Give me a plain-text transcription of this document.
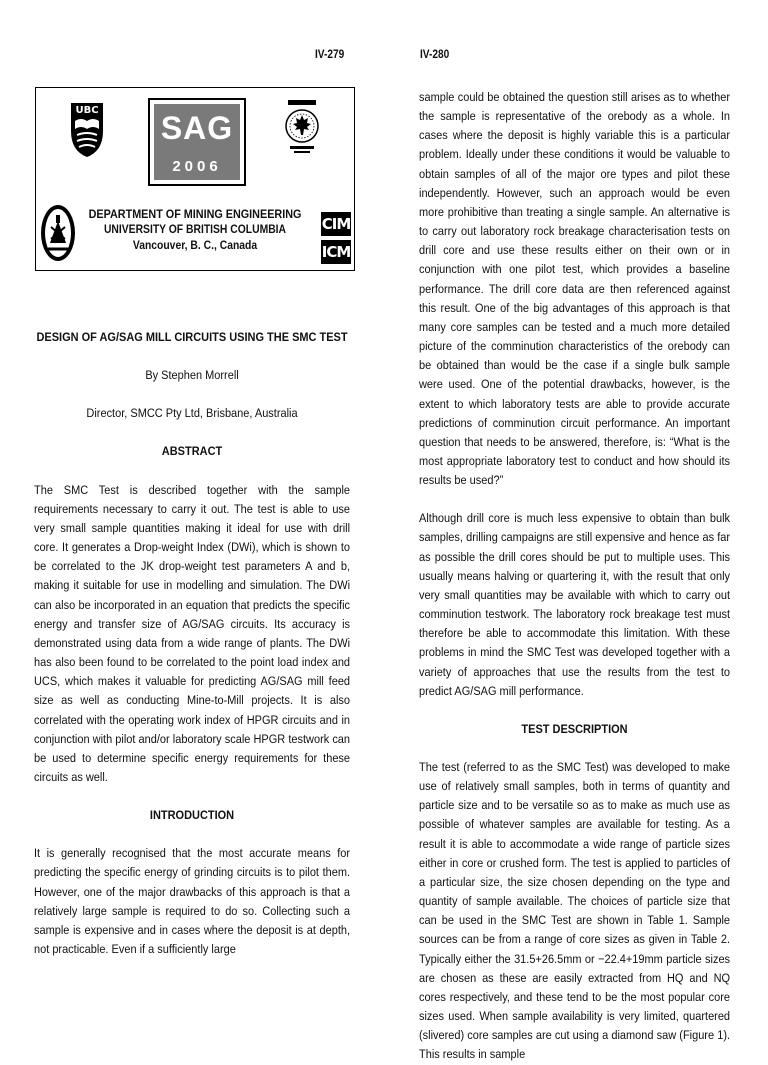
IV-279	IV-280
UBC SAG
2006
DEPARTMENT OF MINING ENGINEERING
UNIVERSITY OF BRITISH COLUMBIA
Vancouver, B. C., Canada
CIM
ICM
DESIGN OF AG/SAG MILL CIRCUITS USING THE SMC TEST
By Stephen Morrell
Director, SMCC Pty Ltd, Brisbane, Australia
ABSTRACT
The SMC Test is described together with the sample requirements necessary to carry it out. The test is able to use very small sample quantities making it ideal for use with drill core. It generates a Drop-weight Index (DWi), which is shown to be correlated to the JK drop-weight test parameters A and b, making it suitable for use in modelling and simulation. The DWi can also be incorporated in an equation that predicts the specific energy and transfer size of AG/SAG circuits. Its accuracy is demonstrated using data from a wide range of plants. The DWi has also been found to be correlated to the point load index and UCS, which makes it valuable for predicting AG/SAG mill feed size as well as conducting Mine-to-Mill projects. It is also correlated with the operating work index of HPGR circuits and in conjunction with pilot and/or laboratory scale HPGR testwork can be used to determine specific energy requirements for these circuits as well.
INTRODUCTION
It is generally recognised that the most accurate means for predicting the specific energy of grinding circuits is to pilot them. However, one of the major drawbacks of this approach is that a relatively large sample is required to do so. Collecting such a sample is expensive and in cases where the deposit is at depth, not practicable. Even if a sufficiently large
sample could be obtained the question still arises as to whether the sample is representative of the orebody as a whole. In cases where the deposit is highly variable this is a particular problem. Ideally under these conditions it would be valuable to obtain samples of all of the major ore types and pilot these independently. However, such an approach would be even more prohibitive than treating a single sample. An alternative is to carry out laboratory rock breakage characterisation tests on drill core and use these results either on their own or in conjunction with one pilot test, which provides a baseline performance. The drill core data are then referenced against this result. One of the big advantages of this approach is that many core samples can be tested and a much more detailed picture of the comminution characteristics of the orebody can be obtained than would be the case if a single bulk sample were used. One of the potential drawbacks, however, is the extent to which laboratory tests are able to provide accurate predictions of comminution circuit performance. An important question that needs to be answered, therefore, is: “What is the most appropriate laboratory test to conduct and how should its results be used?”
Although drill core is much less expensive to obtain than bulk samples, drilling campaigns are still expensive and hence as far as possible the drill cores should be put to multiple uses. This usually means halving or quartering it, with the result that only very small quantities may be available with which to carry out comminution testwork. The laboratory rock breakage test must therefore be able to accommodate this limitation. With these problems in mind the SMC Test was developed together with a variety of approaches that use the results from the test to predict AG/SAG mill performance.
TEST DESCRIPTION
The test (referred to as the SMC Test) was developed to make use of relatively small samples, both in terms of quantity and particle size and to be versatile so as to make as much use as possible of whatever samples are available for testing. As a result it is able to accommodate a wide range of particle sizes either in core or crushed form. The test is applied to particles of a particular size, the size chosen depending on the type and quantity of sample available. The choices of particle size that can be used in the SMC Test are shown in Table 1. Sample sources can be from a range of core sizes as given in Table 2. Typically either the 31.5+26.5mm or −22.4+19mm particle sizes are chosen as these are easily extracted from HQ and NQ cores respectively, and these tend to be the most popular core sizes used. When sample availability is very limited, quartered (slivered) core samples are cut using a diamond saw (Figure 1). This results in sample
